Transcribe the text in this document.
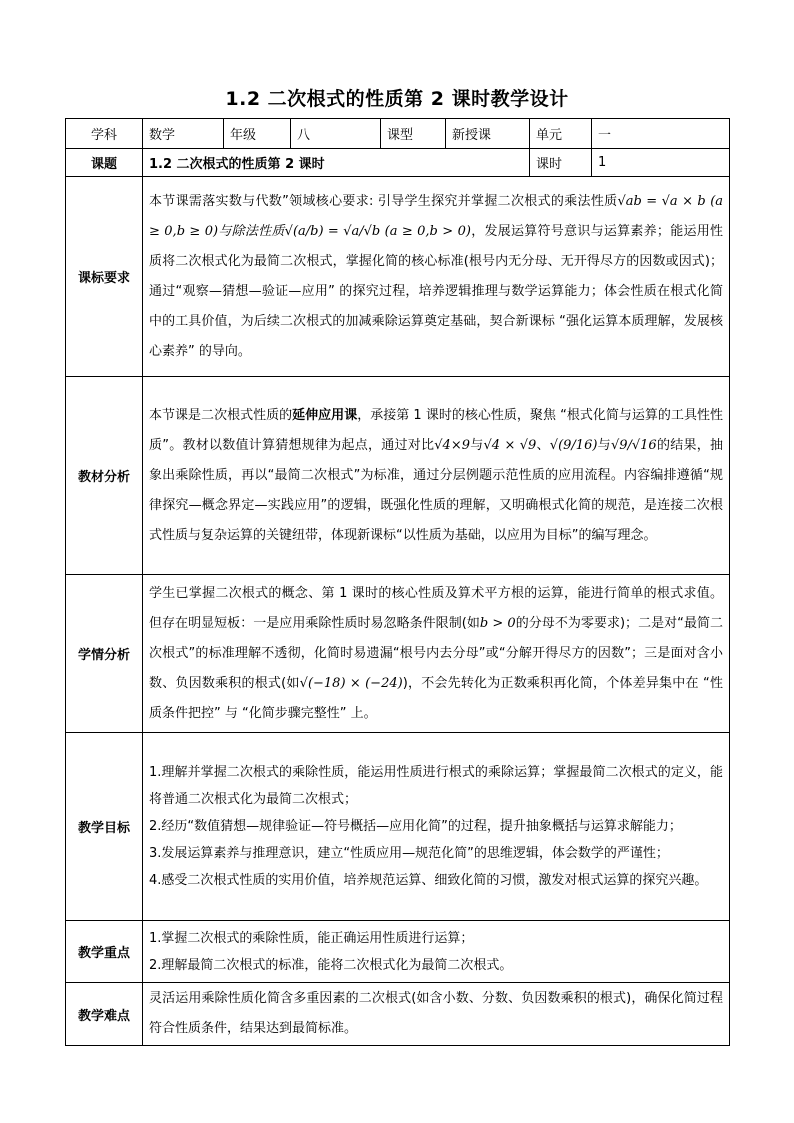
1.2 二次根式的性质第 2 课时教学设计
学科	数学	年级	八	课型	新授课	单元	一
课题	1.2 二次根式的性质第 2 课时					课时	1
课标要求	本节课需落实数与代数”领域核心要求: 引导学生探究并掌握二次根式的乘法性质√ab = √a × b (a ≥ 0,b ≥ 0)与除法性质√(a/b) = √a/√b (a ≥ 0,b > 0)，发展运算符号意识与运算素养；能运用性质将二次根式化为最简二次根式，掌握化简的核心标准(根号内无分母、无开得尽方的因数或因式)；通过“观察—猜想—验证—应用” 的探究过程，培养逻辑推理与数学运算能力；体会性质在根式化简中的工具价值，为后续二次根式的加减乘除运算奠定基础，契合新课标 “强化运算本质理解，发展核心素养” 的导向。						
教材分析	本节课是二次根式性质的延伸应用课，承接第 1 课时的核心性质，聚焦 “根式化简与运算的工具性性质”。教材以数值计算猜想规律为起点，通过对比√4×9与√4 × √9、√(9/16)与√9/√16的结果，抽象出乘除性质，再以“最简二次根式”为标准，通过分层例题示范性质的应用流程。内容编排遵循“规律探究—概念界定—实践应用”的逻辑，既强化性质的理解，又明确根式化简的规范，是连接二次根式性质与复杂运算的关键纽带，体现新课标“以性质为基础，以应用为目标”的编写理念。						
学情分析	学生已掌握二次根式的概念、第 1 课时的核心性质及算术平方根的运算，能进行简单的根式求值。但存在明显短板：一是应用乘除性质时易忽略条件限制(如b > 0的分母不为零要求)；二是对“最简二次根式”的标准理解不透彻，化简时易遗漏“根号内去分母”或“分解开得尽方的因数”；三是面对含小数、负因数乘积的根式(如√(−18) × (−24))，不会先转化为正数乘积再化简，个体差异集中在 “性质条件把控” 与 “化简步骤完整性” 上。						
教学目标	1.理解并掌握二次根式的乘除性质，能运用性质进行根式的乘除运算；掌握最简二次根式的定义，能将普通二次根式化为最简二次根式；
2.经历“数值猜想—规律验证—符号概括—应用化简”的过程，提升抽象概括与运算求解能力；
3.发展运算素养与推理意识，建立“性质应用—规范化简”的思维逻辑，体会数学的严谨性；
4.感受二次根式性质的实用价值，培养规范运算、细致化简的习惯，激发对根式运算的探究兴趣。						

教学重点	1.掌握二次根式的乘除性质，能正确运用性质进行运算；
2.理解最简二次根式的标准，能将二次根式化为最简二次根式。						

教学难点	灵活运用乘除性质化简含多重因素的二次根式(如含小数、分数、负因数乘积的根式)，确保化简过程符合性质条件，结果达到最简标准。						
